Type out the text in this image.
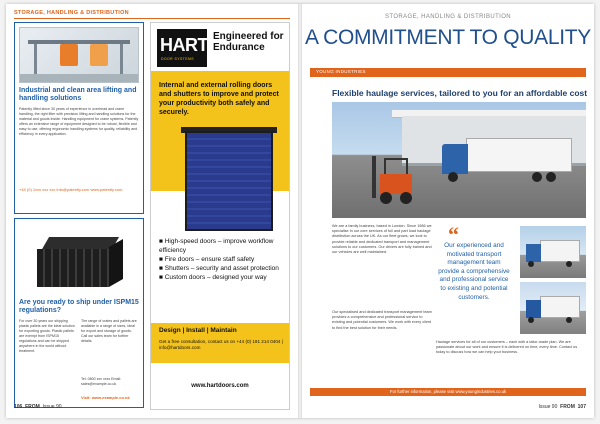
STORAGE, HANDLING & DISTRIBUTION
Industrial and clean area lifting and handling solutions
Patently lifted since 30 years of experience in overhead and crane handling, the right lifter with precision lifting and handling solutions for the material and goods inside. Handling equipment for crane systems. Patently offers an extensive range of equipment designed to be robust, flexible and easy to use, offering ergonomic handling systems for quality, reliability and efficiency in every application.
+44 (0) 1xxx xxx xxx info@patently.com www.patently.com
Are you ready to ship under ISPM15 regulations?
For over 30 years our shipping plastic pallets are the ideal solution for exporting goods. Plastic pallets are exempt from ISPM15 regulations and can be shipped anywhere in the world without treatment.
The range of crates and pallets are available in a range of sizes, ideal for export and storage of goods. Call our sales team for further details.
Tel: 0800 xxx xxxx Email: sales@example.co.uk
Visit: www.example.co.uk
HART
DOOR SYSTEMS
Engineered for Endurance
Internal and external rolling doors and shutters to improve and protect your productivity both safely and securely.
■ High-speed doors – improve workflow efficiency
■ Fire doors – ensure staff safety
■ Shutters – security and asset protection
■ Custom doors – designed your way
Design | Install | Maintain
Get a free consultation, contact us on +44 (0) 191 214 0404 | info@hartdoors.com
www.hartdoors.com
106 FROM Issue 90
STORAGE, HANDLING & DISTRIBUTION
A COMMITMENT TO QUALITY
YOUNG INDUSTRIES
Flexible haulage services, tailored to you for an affordable cost
We are a family business, based in London. Since 1986 we specialise in our core services of full and part load haulage distribution across the UK. As our fleet grows, we look to provide reliable and dedicated transport and management solutions to our customers. Our drivers are fully trained and our vehicles are well maintained.
Our specialised and dedicated transport management team provides a comprehensive and professional service to existing and potential customers. We work with every client to find the best solution for their needs.
“
Our experienced and motivated transport management team provide a comprehensive and professional service to existing and potential customers.
Haulage services for all of our customers – each with a tailor-made plan. We are passionate about our work and ensure it is delivered on time, every time. Contact us today to discuss how we can help your business.
For further information, please visit www.youngindustries.co.uk
Issue 90 FROM 107
